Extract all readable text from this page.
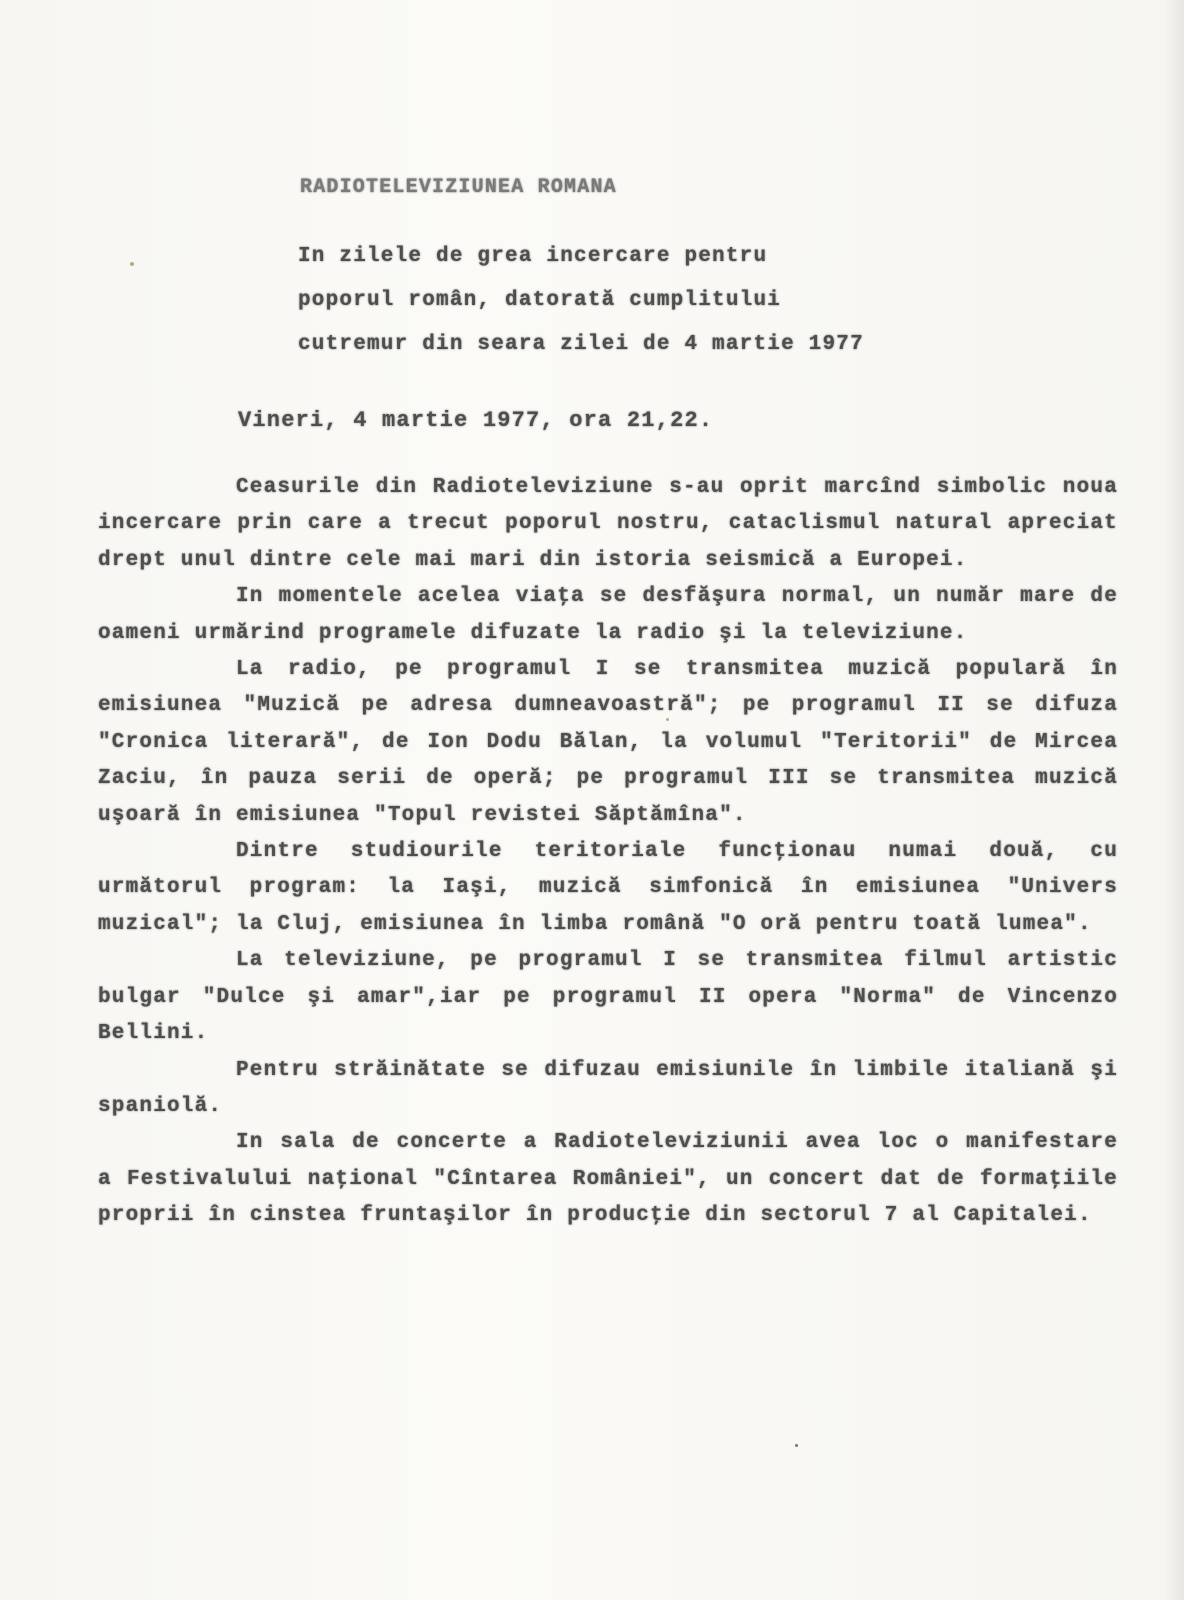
RADIOTELEVIZIUNEA ROMANA
In zilele de grea incercare pentru
poporul român, datorată cumplitului
cutremur din seara zilei de 4 martie 1977
Vineri, 4 martie 1977, ora 21,22.

Ceasurile din Radioteleviziune s-au oprit marcînd simbolic noua incercare prin care a trecut poporul nostru, cataclismul natural apreciat drept unul dintre cele mai mari din istoria seismică a Europei.

In momentele acelea viaţa se desfăşura normal, un număr mare de oameni urmărind programele difuzate la radio şi la televiziune.

La radio, pe programul I se transmitea muzică populară în emisiunea "Muzică pe adresa dumneavoastră"; pe programul II se difuza "Cronica literară", de Ion Dodu Bălan, la volumul "Teritorii" de Mircea Zaciu, în pauza serii de operă; pe programul III se transmitea muzică uşoară în emisiunea "Topul revistei Săptămîna".

Dintre studiourile teritoriale funcţionau numai două, cu următorul program: la Iaşi, muzică simfonică în emisiunea "Univers muzical"; la Cluj, emisiunea în limba română "O oră pentru toată lumea".

La televiziune, pe programul I se transmitea filmul artistic bulgar "Dulce şi amar",iar pe programul II opera "Norma" de Vincenzo Bellini.

Pentru străinătate se difuzau emisiunile în limbile italiană şi spaniolă.

In sala de concerte a Radioteleviziunii avea loc o manifestare a Festivalului naţional "Cîntarea României", un concert dat de formaţiile proprii în cinstea fruntaşilor în producţie din sectorul 7 al Capitalei.
